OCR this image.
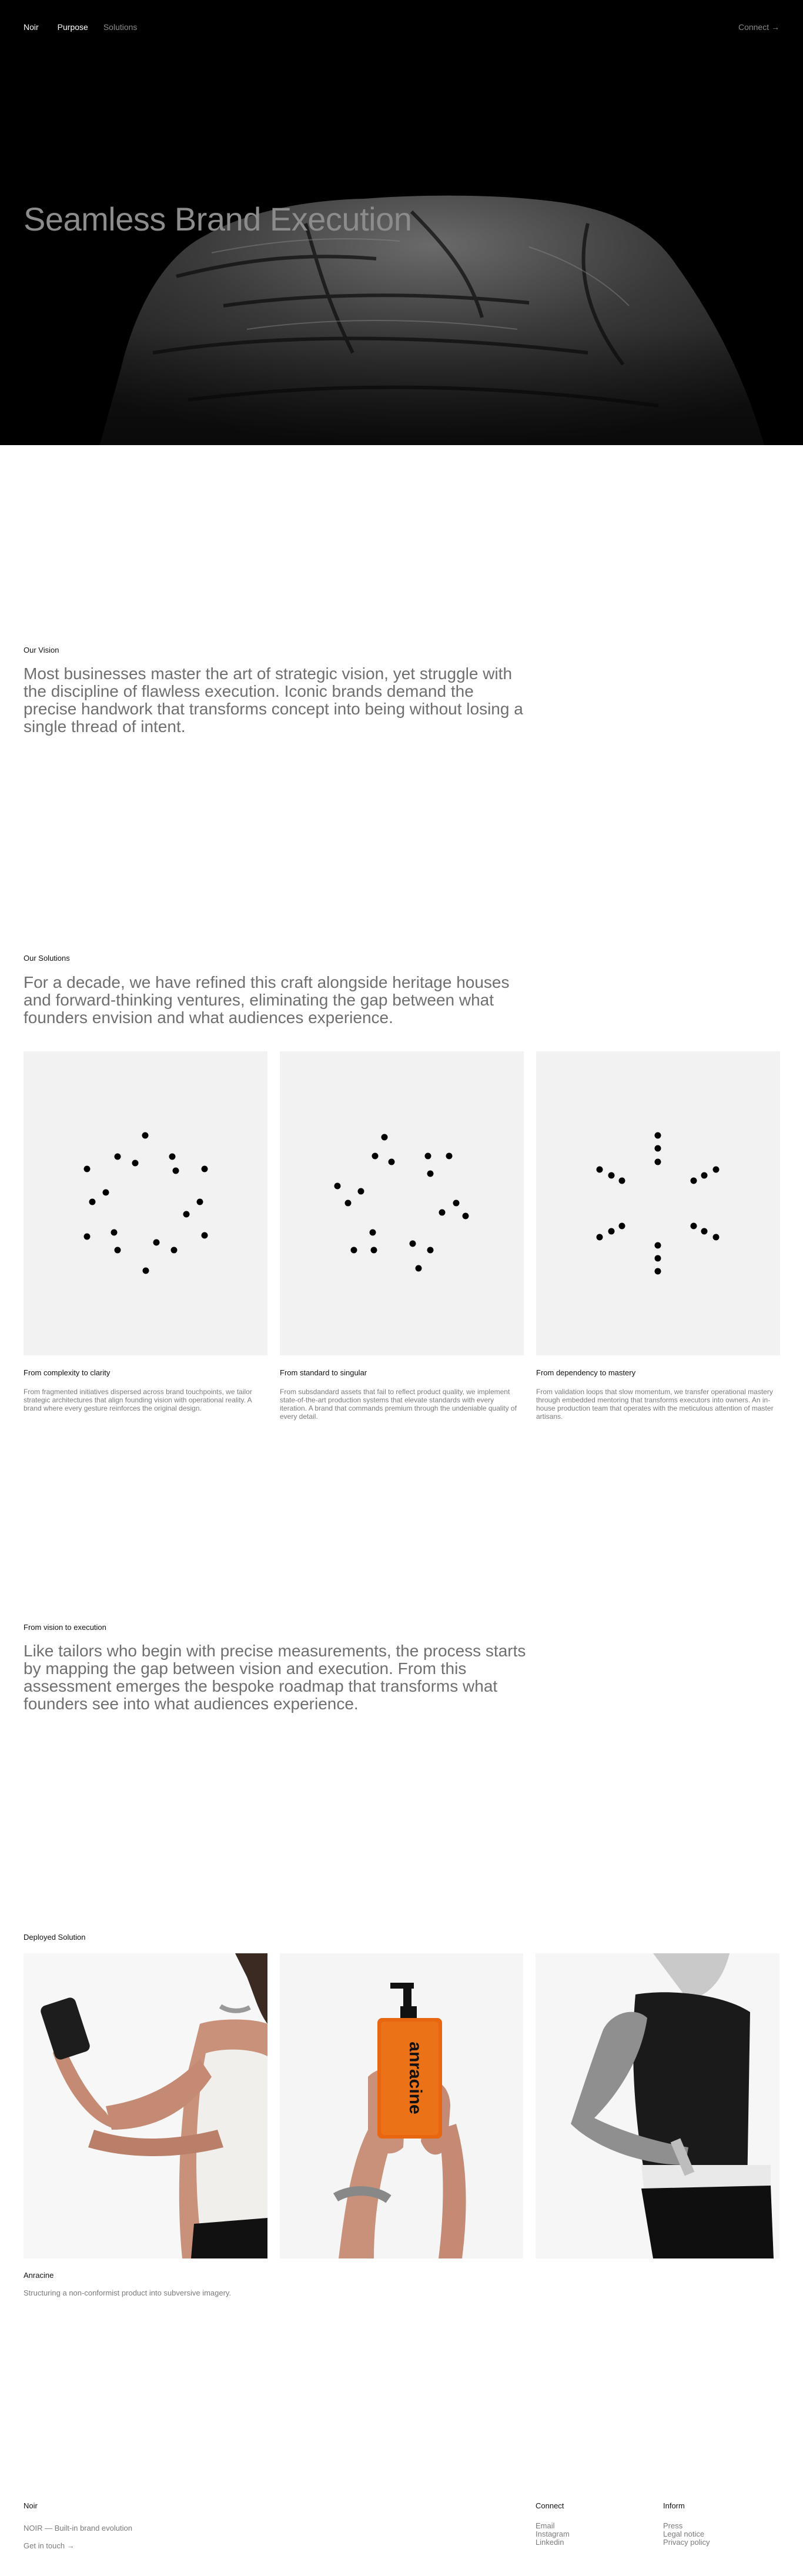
Noir Purpose Solutions	Connect →
Seamless Brand Execution
Our Vision

Most businesses master the art of strategic vision, yet struggle with the discipline of flawless execution. Iconic brands demand the precise handwork that transforms concept into being without losing a single thread of intent.

Our Solutions

For a decade, we have refined this craft alongside heritage houses and forward-thinking ventures, eliminating the gap between what founders envision and what audiences experience.

From complexity to clarity

From fragmented initiatives dispersed across brand touchpoints, we tailor strategic architectures that align founding vision with operational reality. A brand where every gesture reinforces the original design.

From standard to singular

From subsdandard assets that fail to reflect product quality, we implement state-of-the-art production systems that elevate standards with every iteration. A brand that commands premium through the undeniable quality of every detail.

From dependency to mastery

From validation loops that slow momentum, we transfer operational mastery through embedded mentoring that transforms executors into owners. An in-house production team that operates with the meticulous attention of master artisans.

From vision to execution

Like tailors who begin with precise measurements, the process starts by mapping the gap between vision and execution. From this assessment emerges the bespoke roadmap that transforms what founders see into what audiences experience.

Deployed Solution
anracine
Anracine
Structuring a non-conformist product into subversive imagery.
Noir
NOIR — Built-in brand evolution
Get in touch →
Connect
Email
Instagram
Linkedin
Inform
Press
Legal notice
Privacy policy
